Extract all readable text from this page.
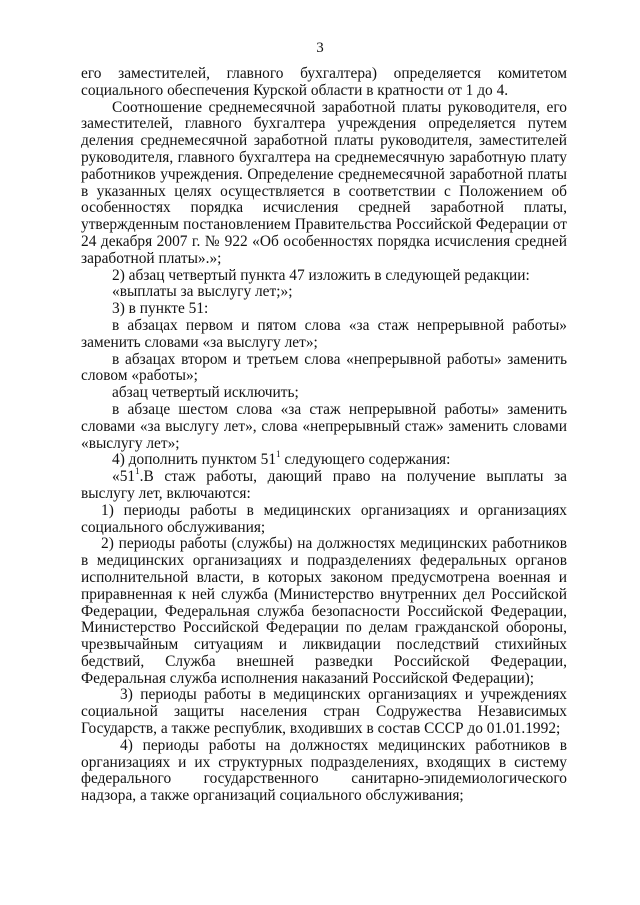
3

его заместителей, главного бухгалтера) определяется комитетом социального обеспечения Курской области в кратности от 1 до 4.

Соотношение среднемесячной заработной платы руководителя, его заместителей, главного бухгалтера учреждения определяется путем деления среднемесячной заработной платы руководителя, заместителей руководителя, главного бухгалтера на среднемесячную заработную плату работников учреждения. Определение среднемесячной заработной платы в указанных целях осуществляется в соответствии с Положением об особенностях порядка исчисления средней заработной платы, утвержденным постановлением Правительства Российской Федерации от 24 декабря 2007 г. № 922 «Об особенностях порядка исчисления средней заработной платы».»;

2) абзац четвертый пункта 47 изложить в следующей редакции:

«выплаты за выслугу лет;»;

3) в пункте 51:

в абзацах первом и пятом слова «за стаж непрерывной работы» заменить словами «за выслугу лет»;

в абзацах втором и третьем слова «непрерывной работы» заменить словом «работы»;

абзац четвертый исключить;

в абзаце шестом слова «за стаж непрерывной работы» заменить словами «за выслугу лет», слова «непрерывный стаж» заменить словами «выслугу лет»;

4) дополнить пунктом $51^1$ следующего содержания:

«$51^1.В$ стаж работы, дающий право на получение выплаты за выслугу лет, включаются:

1) периоды работы в медицинских организациях и организациях социального обслуживания;

2) периоды работы (службы) на должностях медицинских работников в медицинских организациях и подразделениях федеральных органов исполнительной власти, в которых законом предусмотрена военная и приравненная к ней служба (Министерство внутренних дел Российской Федерации, Федеральная служба безопасности Российской Федерации, Министерство Российской Федерации по делам гражданской обороны, чрезвычайным ситуациям и ликвидации последствий стихийных бедствий, Служба внешней разведки Российской Федерации, Федеральная служба исполнения наказаний Российской Федерации);

3) периоды работы в медицинских организациях и учреждениях социальной защиты населения стран Содружества Независимых Государств, а также республик, входивших в состав СССР до 01.01.1992;

4) периоды работы на должностях медицинских работников в организациях и их структурных подразделениях, входящих в систему федерального государственного санитарно-эпидемиологического надзора, а также организаций социального обслуживания;
